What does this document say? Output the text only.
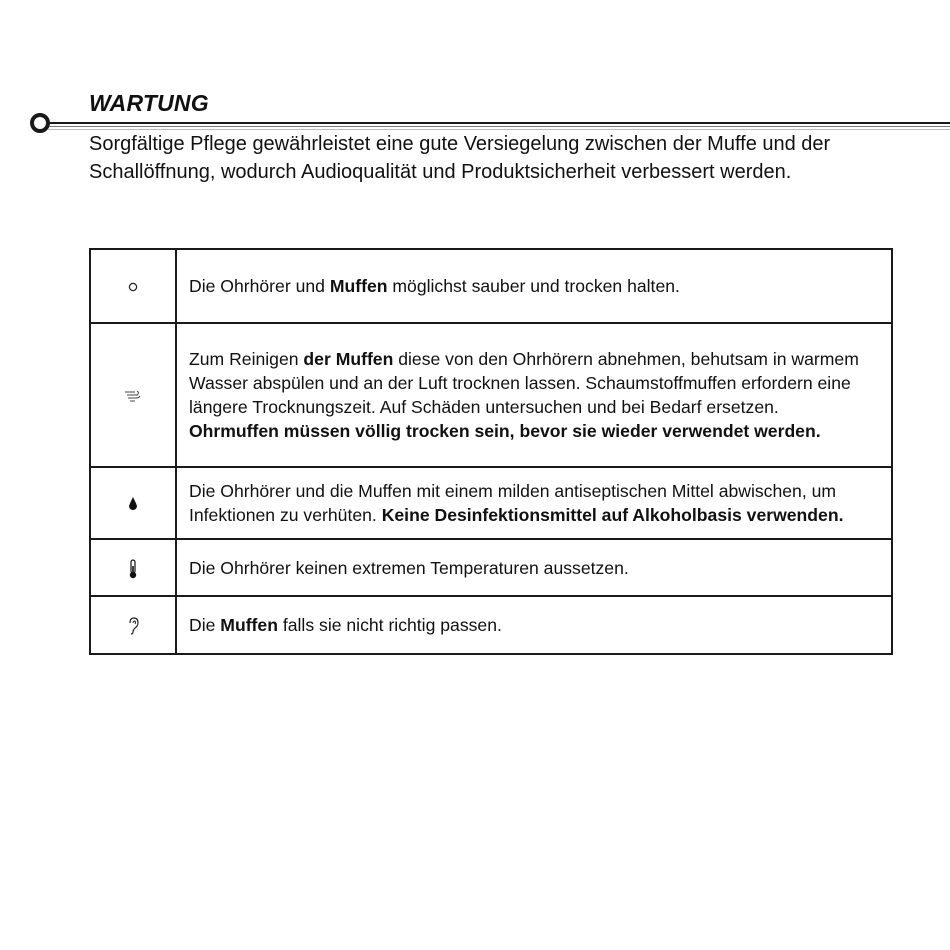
WARTUNG

Sorgfältige Pflege gewährleistet eine gute Versiegelung zwischen der Muffe und der Schallöffnung, wodurch Audioqualität und Produktsicherheit verbessert werden.

	Die Ohrhörer und Muffen möglichst sauber und trocken halten.
	Zum Reinigen der Muffen diese von den Ohrhörern abnehmen, behutsam in warmem Wasser abspülen und an der Luft trocknen lassen. Schaumstoffmuffen erfordern eine längere Trocknungszeit. Auf Schäden untersuchen und bei Bedarf ersetzen.
Ohrmuffen müssen völlig trocken sein, bevor sie wieder verwendet werden.
	Die Ohrhörer und die Muffen mit einem milden antiseptischen Mittel abwischen, um Infektionen zu verhüten. Keine Desinfektionsmittel auf Alkoholbasis verwenden.
	Die Ohrhörer keinen extremen Temperaturen aussetzen.
	Die Muffen falls sie nicht richtig passen.
